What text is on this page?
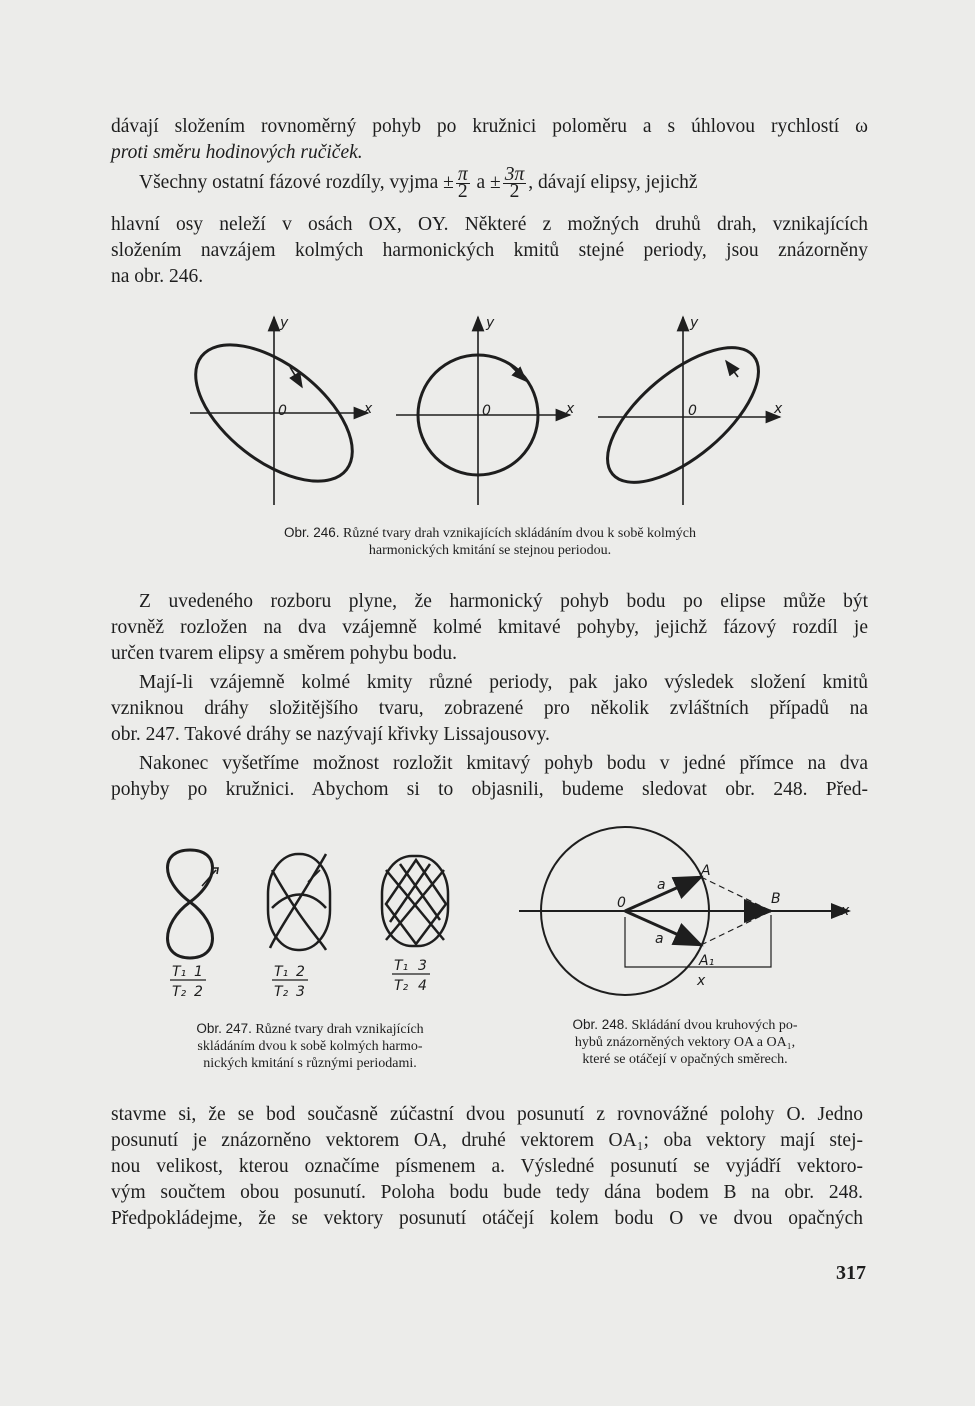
dávají složením rovnoměrný pohyb po kružnici poloměru a s úhlovou rychlostí ω
proti směru hodinových ručiček.
Všechny ostatní fázové rozdíly, vyjma ± $\frac{\pi}{2}$ $a \pm \frac{3\pi}{2}$ , dávají elipsy, jejichž
hlavní osy neleží v osách OX, OY. Některé z možných druhů drah, vznikajících
složením navzájem kolmých harmonických kmitů stejné periody, jsou znázorněny
na obr. 246.
y
x
0
y
x
0
y
x
0
Obr. 246. Různé tvary drah vznikajících skládáním dvou k sobě kolmých
harmonických kmitání se stejnou periodou.
Z uvedeného rozboru plyne, že harmonický pohyb bodu po elipse může být
rovněž rozložen na dva vzájemně kolmé kmitavé pohyby, jejichž fázový rozdíl je
určen tvarem elipsy a směrem pohybu bodu.
Mají-li vzájemně kolmé kmity různé periody, pak jako výsledek složení kmitů
vzniknou dráhy složitějšího tvaru, zobrazené pro několik zvláštních případů na
obr. 247. Takové dráhy se nazývají křivky Lissajousovy.
Nakonec vyšetříme možnost rozložit kmitavý pohyb bodu v jedné přímce na dva
pohyby po kružnici. Abychom si to objasnili, budeme sledovat obr. 248. Před-
T₁ 1
T₂ 2
T₁ 2
T₂ 3
T₁ 3
T₂ 4
Obr. 247. Různé tvary drah vznikajících
skládáním dvou k sobě kolmých harmo-
nických kmitání s různými periodami.
0
A
B
A₁
a
a
x
x
Obr. 248. Skládání dvou kruhových po-
hybů znázorněných vektory OA a OA₁,
které se otáčejí v opačných směrech.
stavme si, že se bod současně zúčastní dvou posunutí z rovnovážné polohy O. Jedno
posunutí je znázorněno vektorem OA, druhé vektorem OA₁; oba vektory mají stej-
nou velikost, kterou označíme písmenem a. Výsledné posunutí se vyjádří vektoro-
vým součtem obou posunutí. Poloha bodu bude tedy dána bodem B na obr. 248.
Předpokládejme, že se vektory posunutí otáčejí kolem bodu O ve dvou opačných
317
